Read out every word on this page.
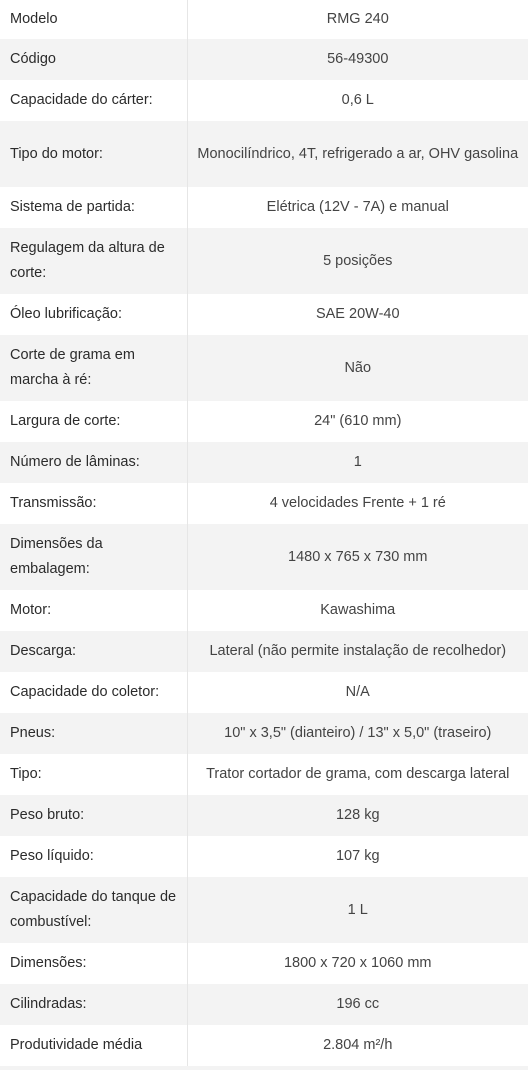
Modelo	RMG 240
Código	56-49300
Capacidade do cárter:	0,6 L
Tipo do motor:	Monocilíndrico, 4T, refrigerado a ar, OHV gasolina
Sistema de partida:	Elétrica (12V - 7A) e manual
Regulagem da altura de corte:	5 posições
Óleo lubrificação:	SAE 20W-40
Corte de grama em marcha à ré:	Não
Largura de corte:	24" (610 mm)
Número de lâminas:	1
Transmissão:	4 velocidades Frente + 1 ré
Dimensões da embalagem:	1480 x 765 x 730 mm
Motor:	Kawashima
Descarga:	Lateral (não permite instalação de recolhedor)
Capacidade do coletor:	N/A
Pneus:	10" x 3,5" (dianteiro) / 13" x 5,0" (traseiro)
Tipo:	Trator cortador de grama, com descarga lateral
Peso bruto:	128 kg
Peso líquido:	107 kg
Capacidade do tanque de combustível:	1 L
Dimensões:	1800 x 720 x 1060 mm
Cilindradas:	196 cc
Produtividade média	2.804 m²/h
